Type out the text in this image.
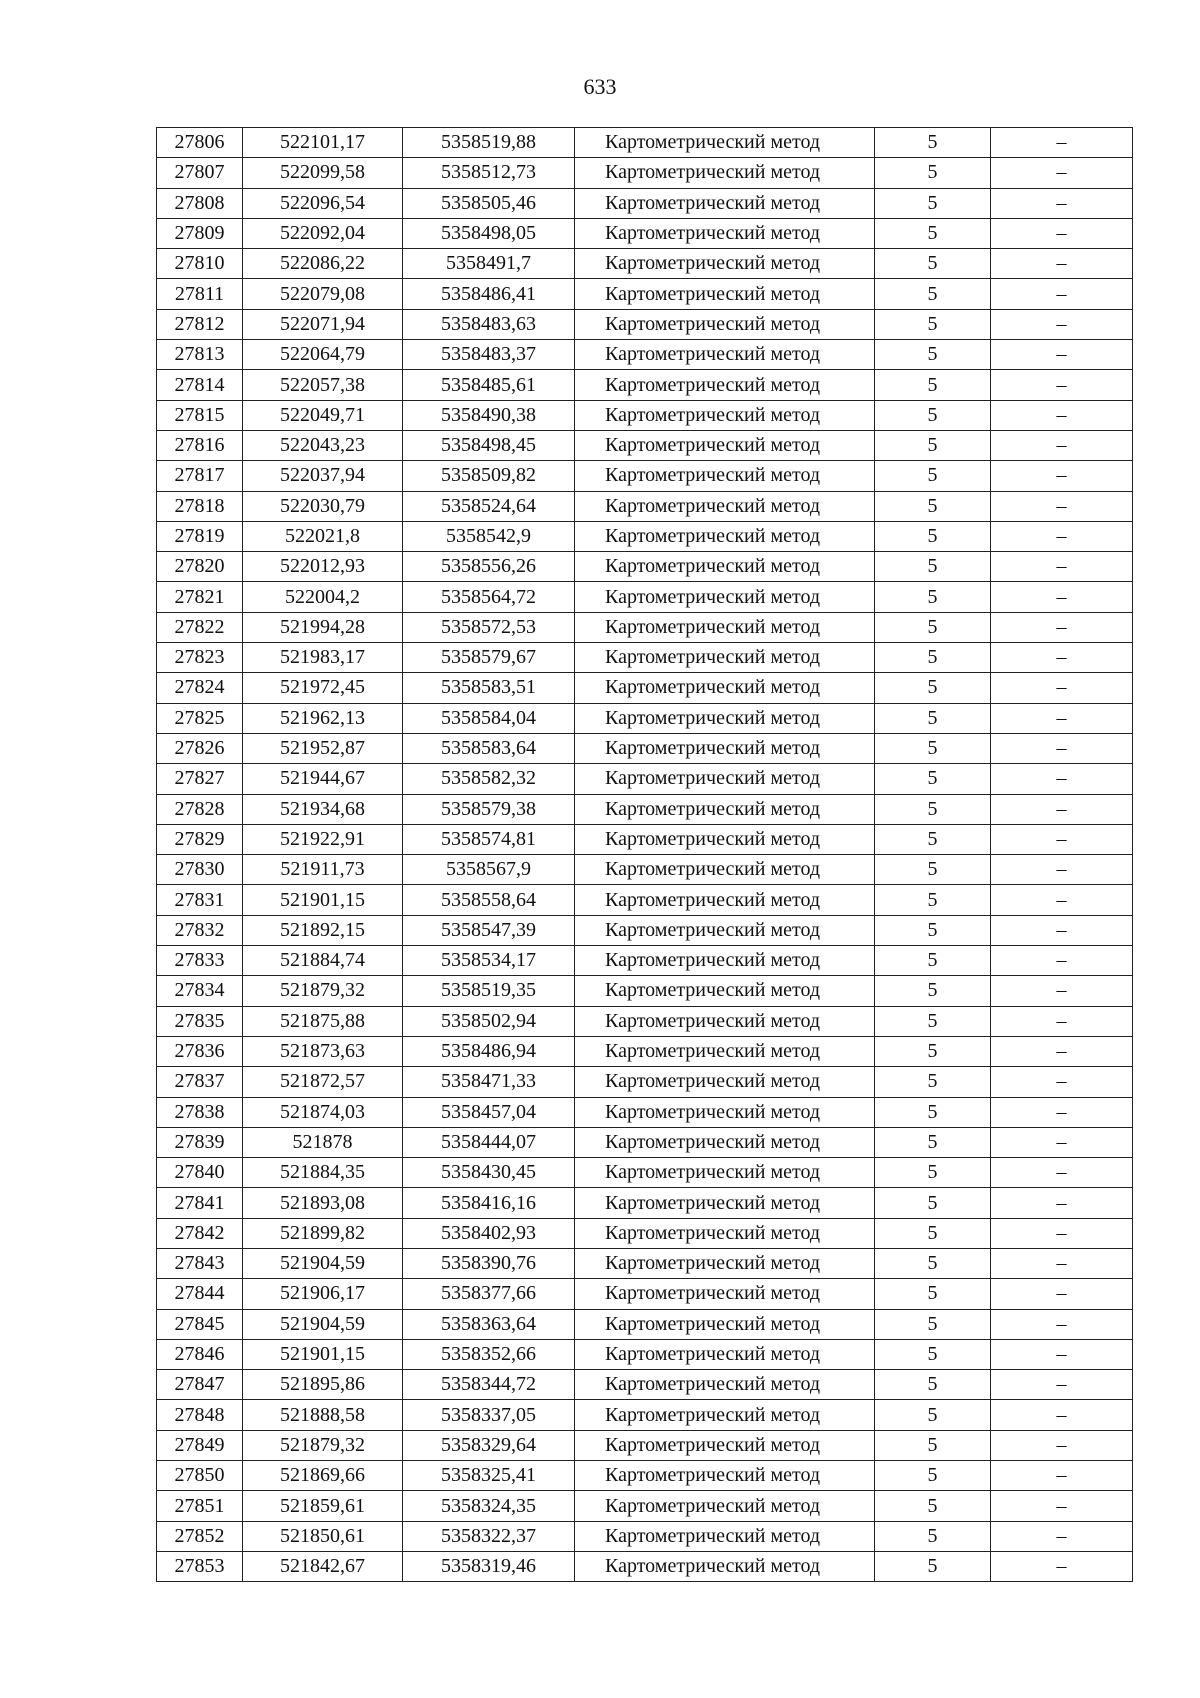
633
27806	522101,17	5358519,88	Картометрический метод	5	–
27807	522099,58	5358512,73	Картометрический метод	5	–
27808	522096,54	5358505,46	Картометрический метод	5	–
27809	522092,04	5358498,05	Картометрический метод	5	–
27810	522086,22	5358491,7	Картометрический метод	5	–
27811	522079,08	5358486,41	Картометрический метод	5	–
27812	522071,94	5358483,63	Картометрический метод	5	–
27813	522064,79	5358483,37	Картометрический метод	5	–
27814	522057,38	5358485,61	Картометрический метод	5	–
27815	522049,71	5358490,38	Картометрический метод	5	–
27816	522043,23	5358498,45	Картометрический метод	5	–
27817	522037,94	5358509,82	Картометрический метод	5	–
27818	522030,79	5358524,64	Картометрический метод	5	–
27819	522021,8	5358542,9	Картометрический метод	5	–
27820	522012,93	5358556,26	Картометрический метод	5	–
27821	522004,2	5358564,72	Картометрический метод	5	–
27822	521994,28	5358572,53	Картометрический метод	5	–
27823	521983,17	5358579,67	Картометрический метод	5	–
27824	521972,45	5358583,51	Картометрический метод	5	–
27825	521962,13	5358584,04	Картометрический метод	5	–
27826	521952,87	5358583,64	Картометрический метод	5	–
27827	521944,67	5358582,32	Картометрический метод	5	–
27828	521934,68	5358579,38	Картометрический метод	5	–
27829	521922,91	5358574,81	Картометрический метод	5	–
27830	521911,73	5358567,9	Картометрический метод	5	–
27831	521901,15	5358558,64	Картометрический метод	5	–
27832	521892,15	5358547,39	Картометрический метод	5	–
27833	521884,74	5358534,17	Картометрический метод	5	–
27834	521879,32	5358519,35	Картометрический метод	5	–
27835	521875,88	5358502,94	Картометрический метод	5	–
27836	521873,63	5358486,94	Картометрический метод	5	–
27837	521872,57	5358471,33	Картометрический метод	5	–
27838	521874,03	5358457,04	Картометрический метод	5	–
27839	521878	5358444,07	Картометрический метод	5	–
27840	521884,35	5358430,45	Картометрический метод	5	–
27841	521893,08	5358416,16	Картометрический метод	5	–
27842	521899,82	5358402,93	Картометрический метод	5	–
27843	521904,59	5358390,76	Картометрический метод	5	–
27844	521906,17	5358377,66	Картометрический метод	5	–
27845	521904,59	5358363,64	Картометрический метод	5	–
27846	521901,15	5358352,66	Картометрический метод	5	–
27847	521895,86	5358344,72	Картометрический метод	5	–
27848	521888,58	5358337,05	Картометрический метод	5	–
27849	521879,32	5358329,64	Картометрический метод	5	–
27850	521869,66	5358325,41	Картометрический метод	5	–
27851	521859,61	5358324,35	Картометрический метод	5	–
27852	521850,61	5358322,37	Картометрический метод	5	–
27853	521842,67	5358319,46	Картометрический метод	5	–
